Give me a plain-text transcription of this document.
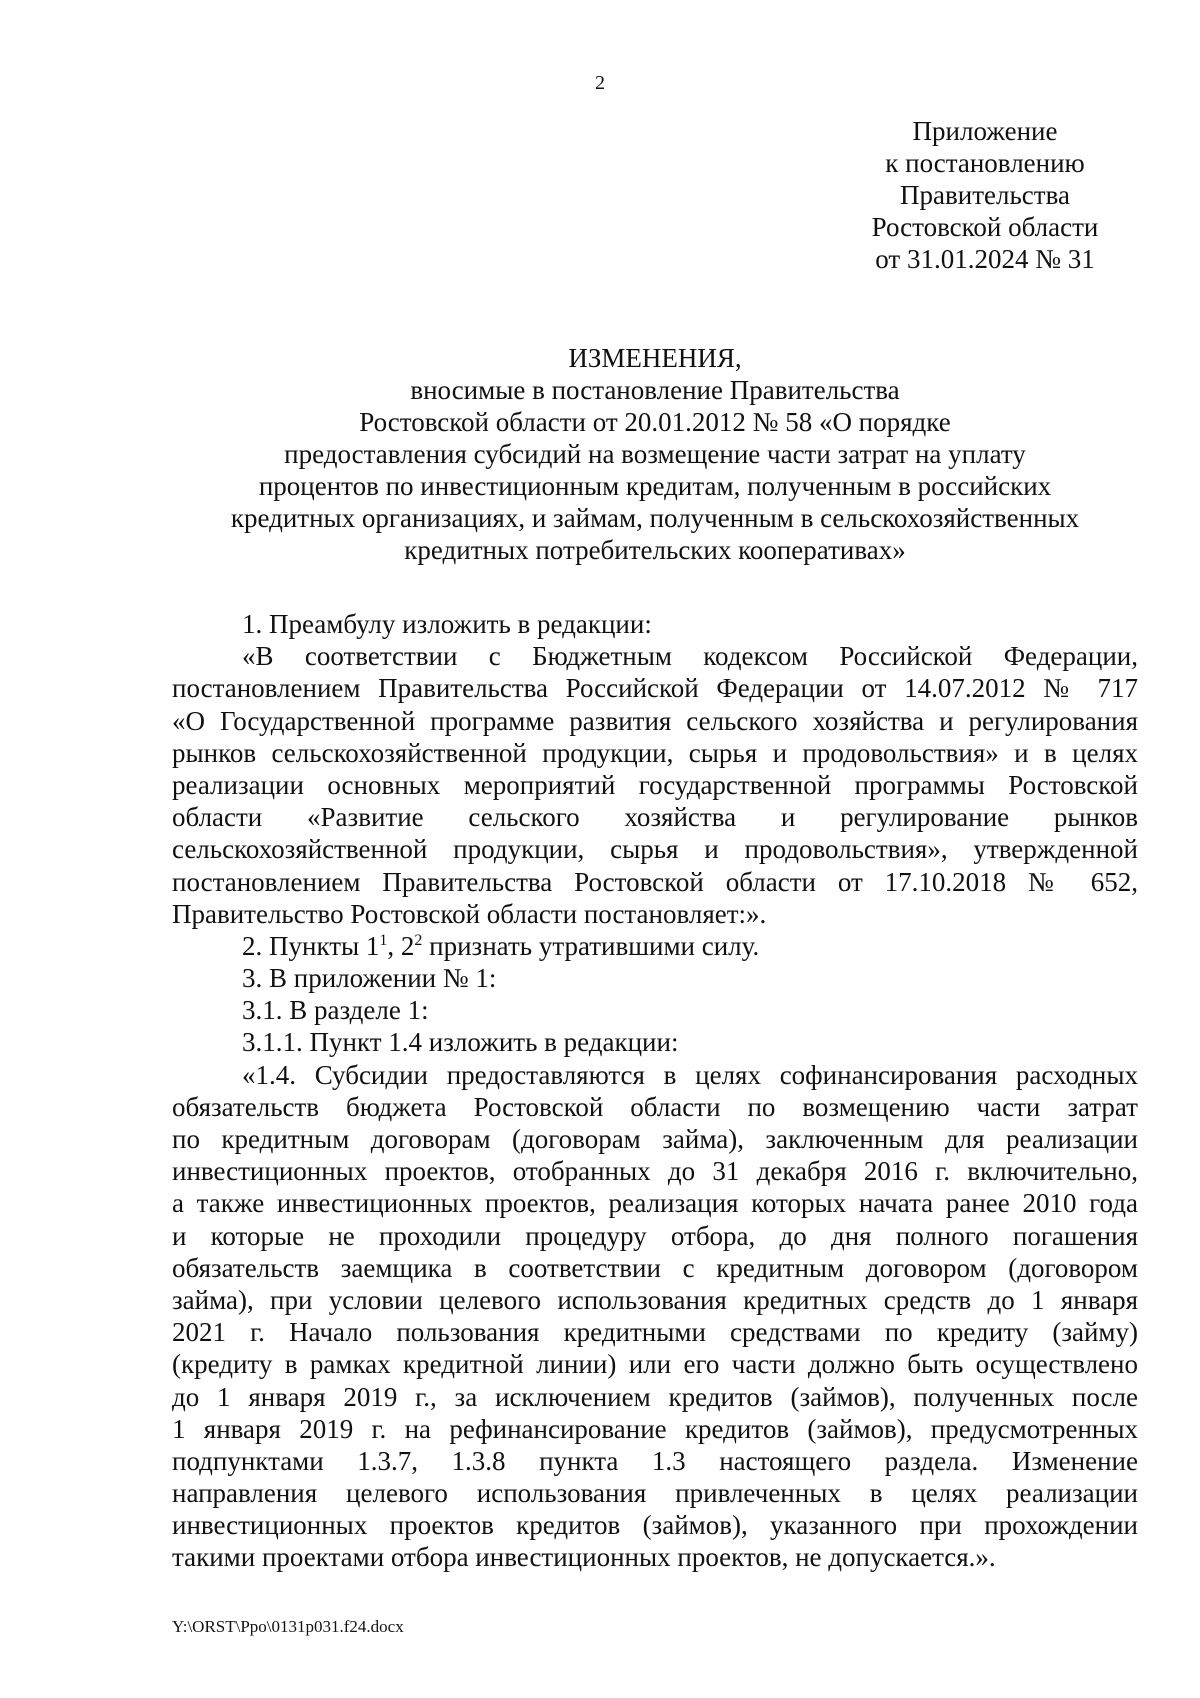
2
Приложение
к постановлению
Правительства
Ростовской области
от 31.01.2024 № 31
ИЗМЕНЕНИЯ,
вносимые в постановление Правительства
Ростовской области от 20.01.2012 № 58 «О порядке
предоставления субсидий на возмещение части затрат на уплату
процентов по инвестиционным кредитам, полученным в российских
кредитных организациях, и займам, полученным в сельскохозяйственных
кредитных потребительских кооперативах»
1. Преамбулу изложить в редакции:
«В соответствии с Бюджетным кодексом Российской Федерации,
постановлением Правительства Российской Федерации от 14.07.2012 № 717
«О Государственной программе развития сельского хозяйства и регулирования
рынков сельскохозяйственной продукции, сырья и продовольствия» и в целях
реализации основных мероприятий государственной программы Ростовской
области «Развитие сельского хозяйства и регулирование рынков
сельскохозяйственной продукции, сырья и продовольствия», утвержденной
постановлением Правительства Ростовской области от 17.10.2018 № 652,
Правительство Ростовской области постановляет:».
2. Пункты $1^1$, $2^2$ признать утратившими силу.
3. В приложении № 1:
3.1. В разделе 1:
3.1.1. Пункт 1.4 изложить в редакции:
«1.4. Субсидии предоставляются в целях софинансирования расходных
обязательств бюджета Ростовской области по возмещению части затрат
по кредитным договорам (договорам займа), заключенным для реализации
инвестиционных проектов, отобранных до 31 декабря 2016 г. включительно,
а также инвестиционных проектов, реализация которых начата ранее 2010 года
и которые не проходили процедуру отбора, до дня полного погашения
обязательств заемщика в соответствии с кредитным договором (договором
займа), при условии целевого использования кредитных средств до 1 января
2021 г. Начало пользования кредитными средствами по кредиту (займу)
(кредиту в рамках кредитной линии) или его части должно быть осуществлено
до 1 января 2019 г., за исключением кредитов (займов), полученных после
1 января 2019 г. на рефинансирование кредитов (займов), предусмотренных
подпунктами 1.3.7, 1.3.8 пункта 1.3 настоящего раздела. Изменение
направления целевого использования привлеченных в целях реализации
инвестиционных проектов кредитов (займов), указанного при прохождении
такими проектами отбора инвестиционных проектов, не допускается.».
Y:\ORST\Ppo\0131p031.f24.docx
